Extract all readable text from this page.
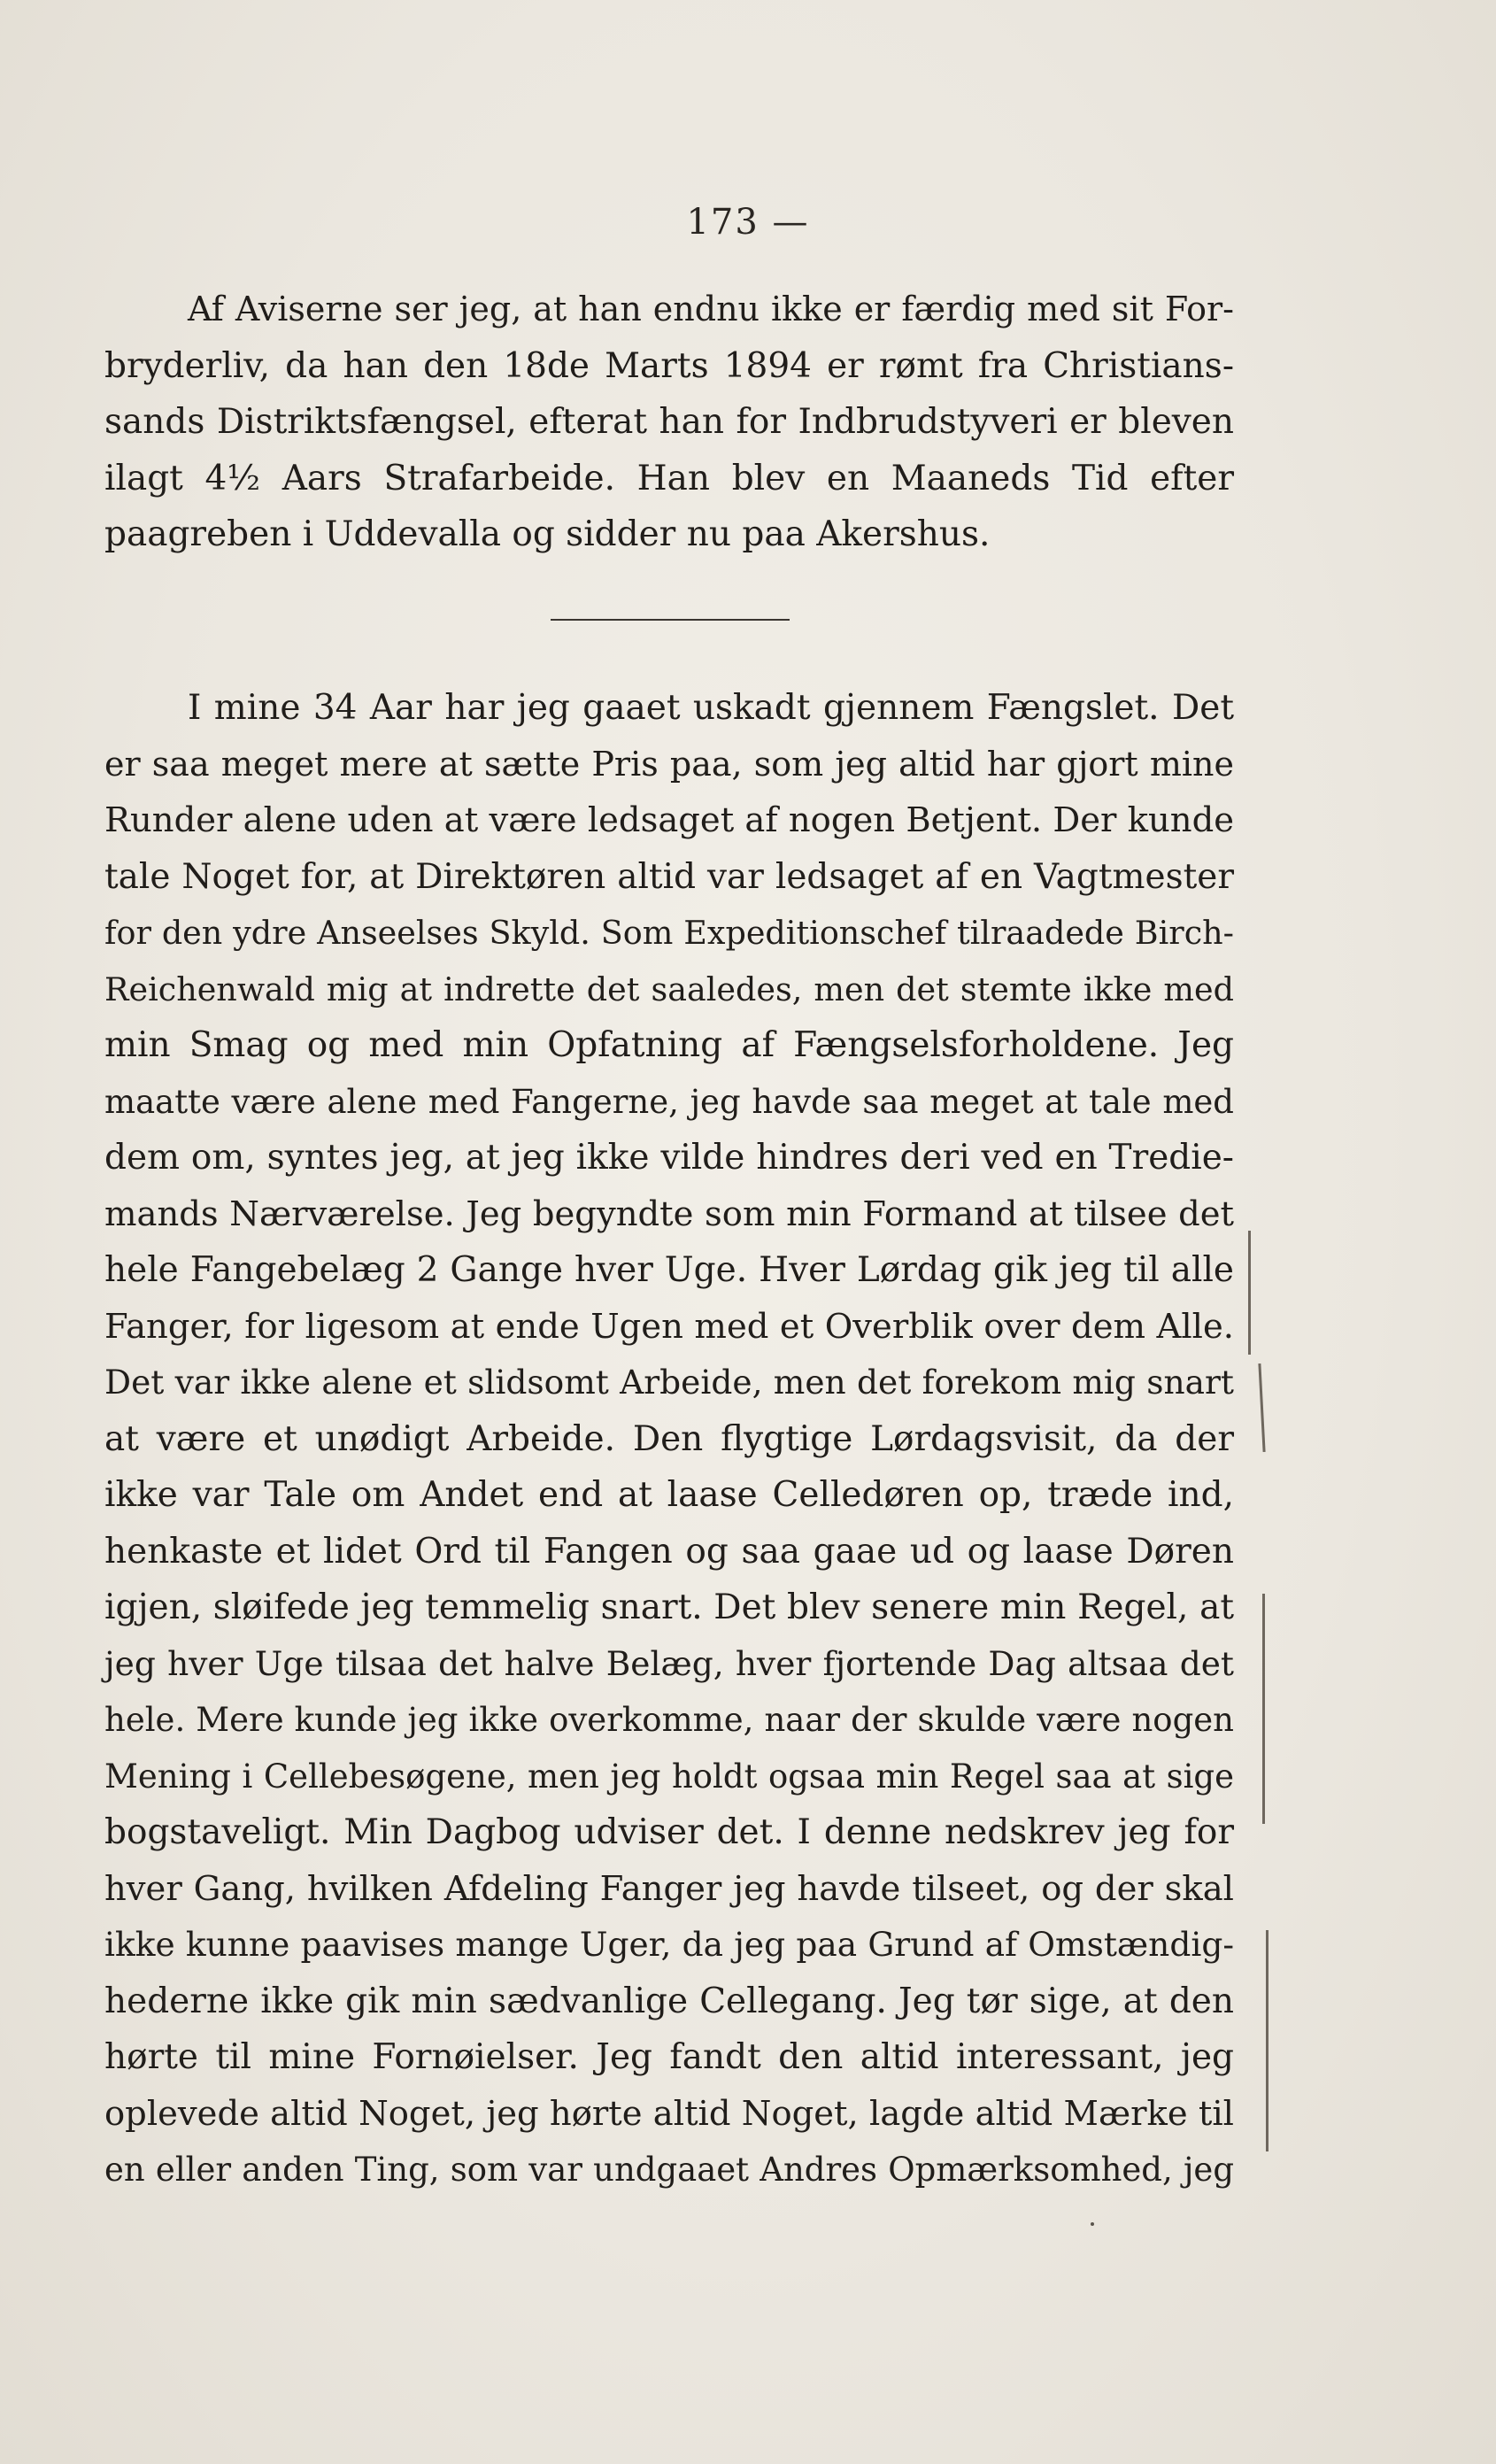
173 —
Af Aviserne ser jeg, at han endnu ikke er færdig med sit For-
bryderliv, da han den 18de Marts 1894 er rømt fra Christians-
sands Distriktsfængsel, efterat han for Indbrudstyveri er bleven
ilagt 4½ Aars Strafarbeide. Han blev en Maaneds Tid efter
paagreben i Uddevalla og sidder nu paa Akershus.
I mine 34 Aar har jeg gaaet uskadt gjennem Fængslet. Det
er saa meget mere at sætte Pris paa, som jeg altid har gjort mine
Runder alene uden at være ledsaget af nogen Betjent. Der kunde
tale Noget for, at Direktøren altid var ledsaget af en Vagtmester
for den ydre Anseelses Skyld. Som Expeditionschef tilraadede Birch-
Reichenwald mig at indrette det saaledes, men det stemte ikke med
min Smag og med min Opfatning af Fængselsforholdene. Jeg
maatte være alene med Fangerne, jeg havde saa meget at tale med
dem om, syntes jeg, at jeg ikke vilde hindres deri ved en Tredie-
mands Nærværelse. Jeg begyndte som min Formand at tilsee det
hele Fangebelæg 2 Gange hver Uge. Hver Lørdag gik jeg til alle
Fanger, for ligesom at ende Ugen med et Overblik over dem Alle.
Det var ikke alene et slidsomt Arbeide, men det forekom mig snart
at være et unødigt Arbeide. Den flygtige Lørdagsvisit, da der
ikke var Tale om Andet end at laase Celledøren op, træde ind,
henkaste et lidet Ord til Fangen og saa gaae ud og laase Døren
igjen, sløifede jeg temmelig snart. Det blev senere min Regel, at
jeg hver Uge tilsaa det halve Belæg, hver fjortende Dag altsaa det
hele. Mere kunde jeg ikke overkomme, naar der skulde være nogen
Mening i Cellebesøgene, men jeg holdt ogsaa min Regel saa at sige
bogstaveligt. Min Dagbog udviser det. I denne nedskrev jeg for
hver Gang, hvilken Afdeling Fanger jeg havde tilseet, og der skal
ikke kunne paavises mange Uger, da jeg paa Grund af Omstændig-
hederne ikke gik min sædvanlige Cellegang. Jeg tør sige, at den
hørte til mine Fornøielser. Jeg fandt den altid interessant, jeg
oplevede altid Noget, jeg hørte altid Noget, lagde altid Mærke til
en eller anden Ting, som var undgaaet Andres Opmærksomhed, jeg
